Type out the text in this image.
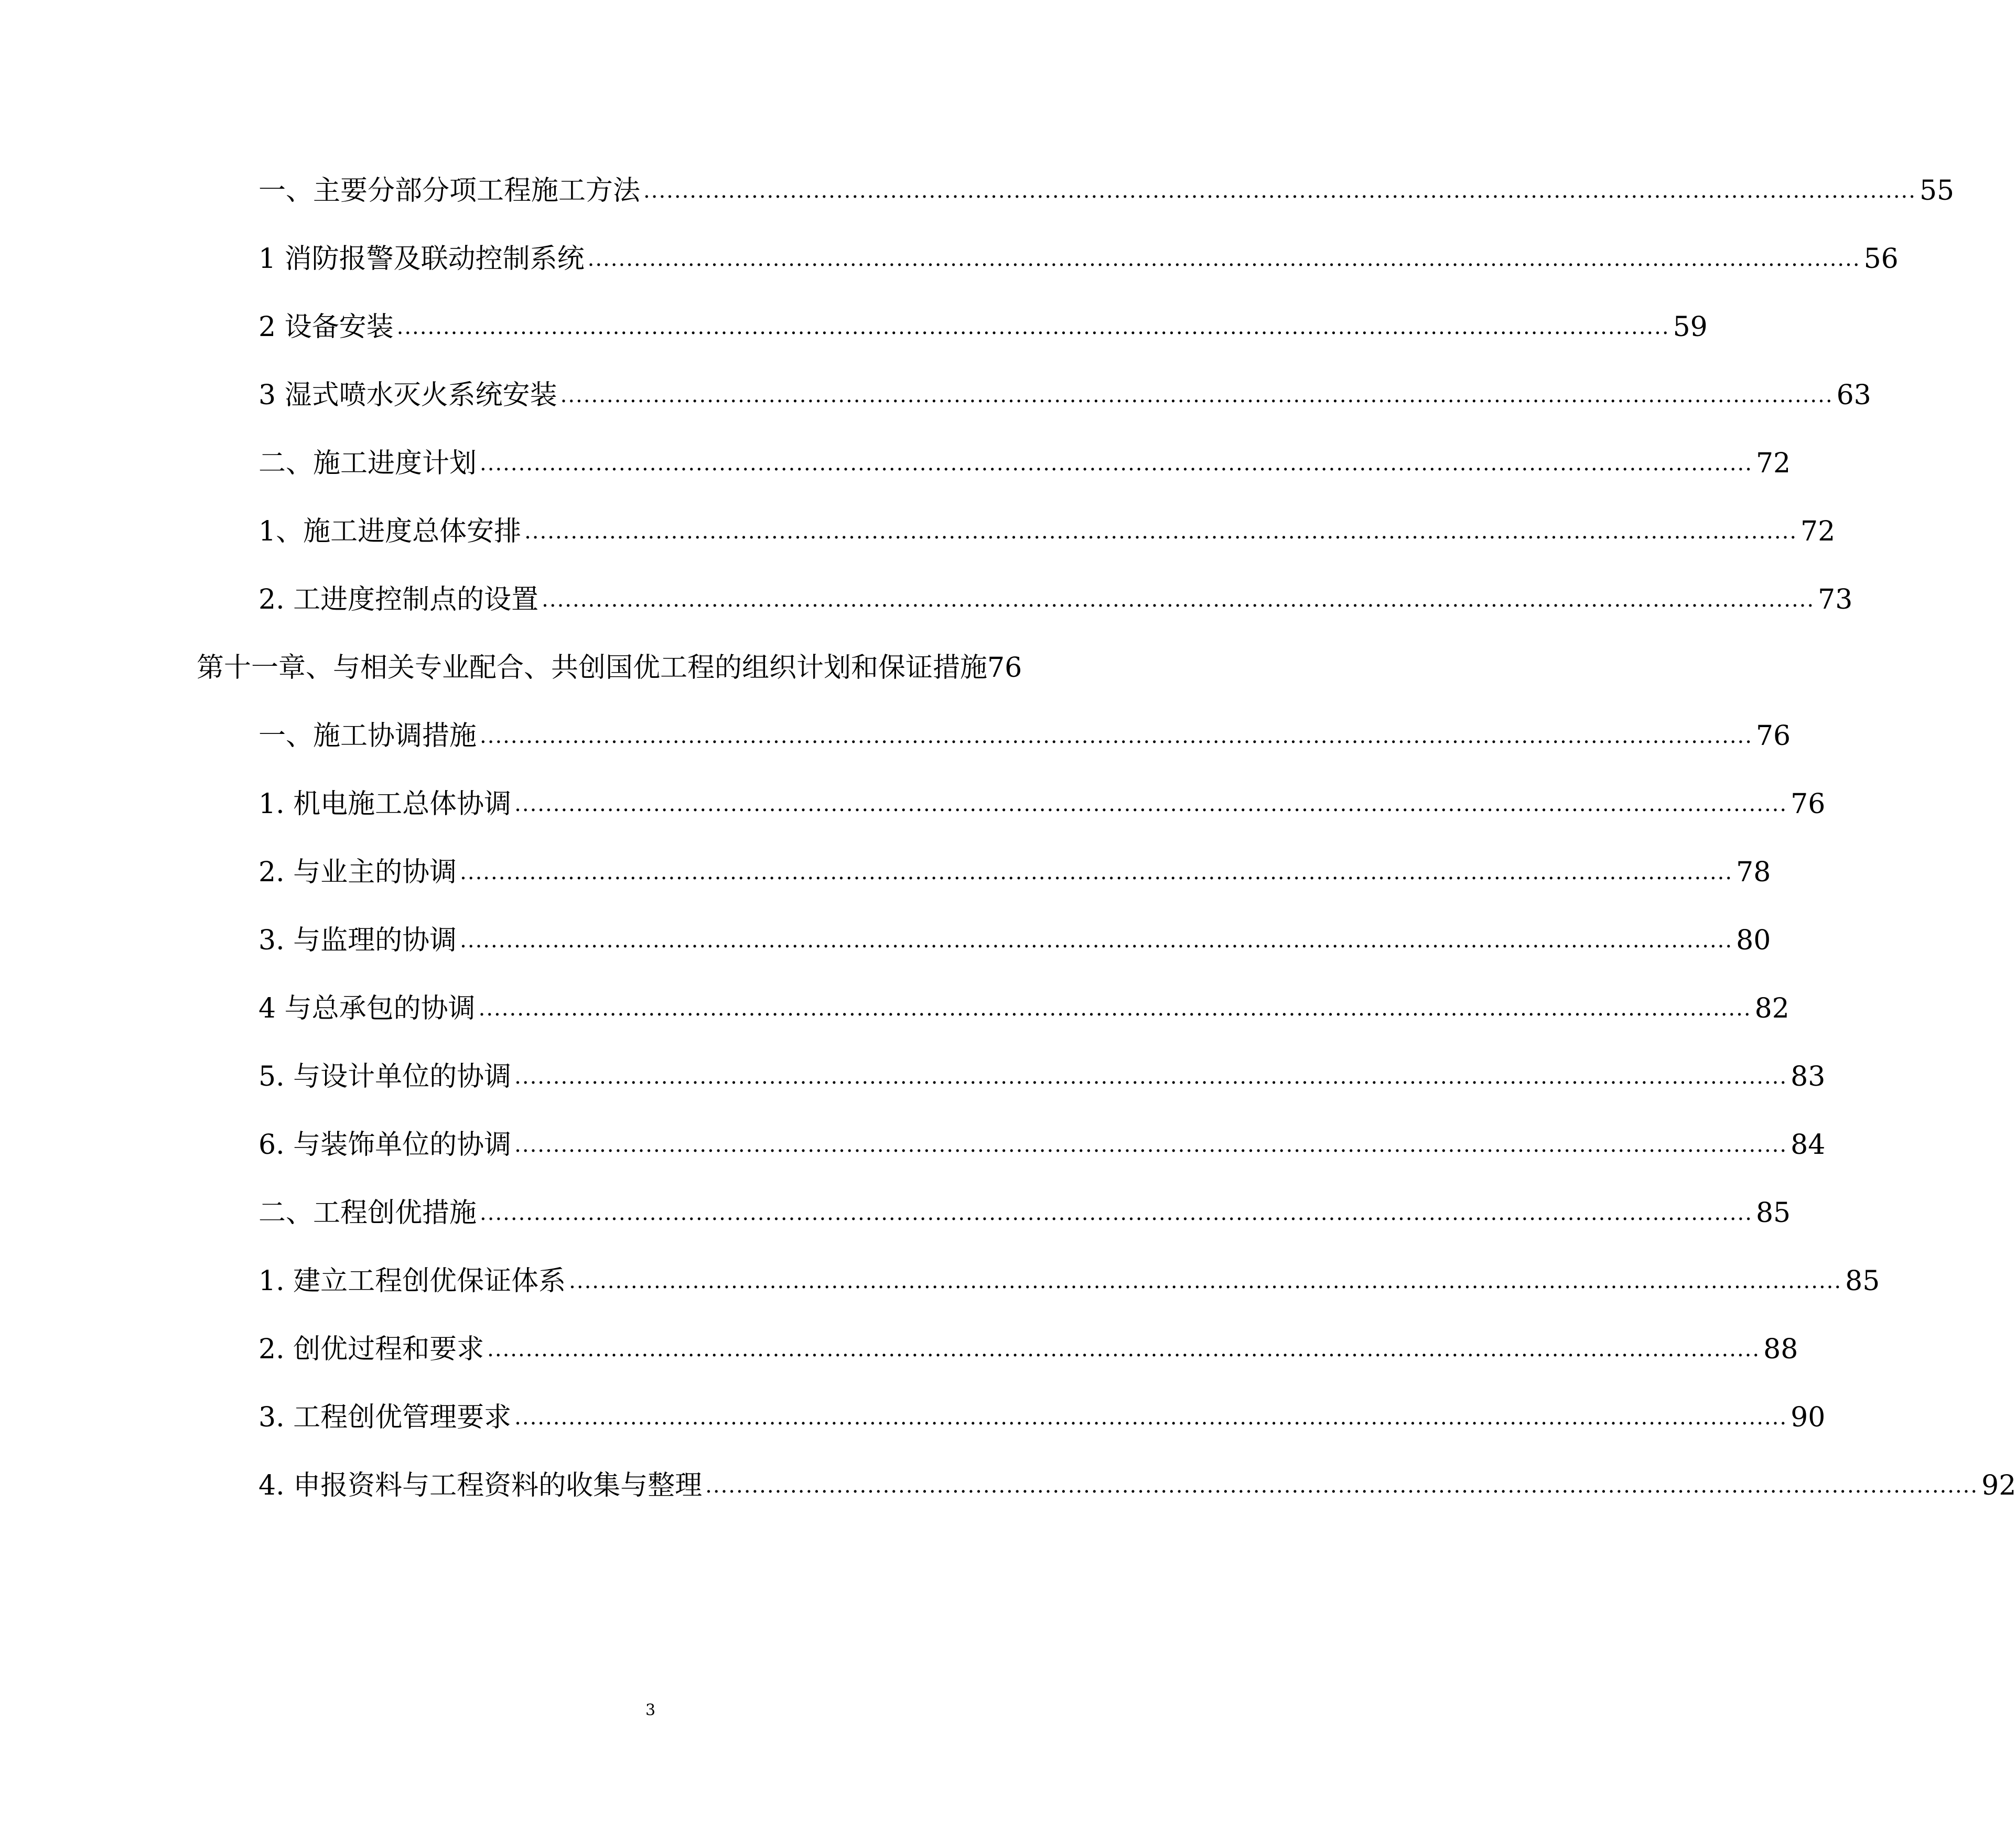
一、主要分部分项工程施工方法 ..................................................................................................................................................................... 55
1 消防报警及联动控制系统 ..................................................................................................................................................................... 56
2 设备安装 ..................................................................................................................................................................... 59
3 湿式喷水灭火系统安装 ..................................................................................................................................................................... 63
二、施工进度计划 ..................................................................................................................................................................... 72
1、施工进度总体安排 ..................................................................................................................................................................... 72
2. 工进度控制点的设置 ..................................................................................................................................................................... 73
第十一章、与相关专业配合、共创国优工程的组织计划和保证措施 76
一、施工协调措施 ..................................................................................................................................................................... 76
1. 机电施工总体协调 ..................................................................................................................................................................... 76
2. 与业主的协调 ..................................................................................................................................................................... 78
3. 与监理的协调 ..................................................................................................................................................................... 80
4 与总承包的协调 ..................................................................................................................................................................... 82
5. 与设计单位的协调 ..................................................................................................................................................................... 83
6. 与装饰单位的协调 ..................................................................................................................................................................... 84
二、工程创优措施 ..................................................................................................................................................................... 85
1. 建立工程创优保证体系 ..................................................................................................................................................................... 85
2. 创优过程和要求 ..................................................................................................................................................................... 88
3. 工程创优管理要求 ..................................................................................................................................................................... 90
4. 申报资料与工程资料的收集与整理 ..................................................................................................................................................................... 92
3
